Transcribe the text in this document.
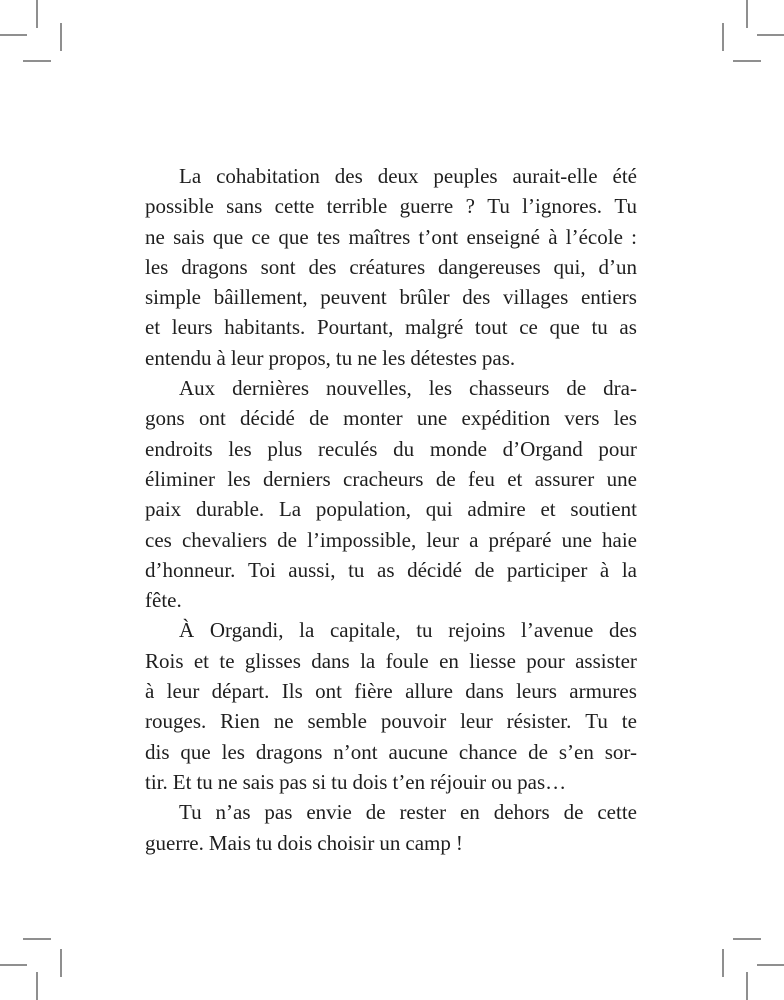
La cohabitation des deux peuples aurait-elle été
possible sans cette terrible guerre ? Tu l’ignores. Tu
ne sais que ce que tes maîtres t’ont enseigné à l’école :
les dragons sont des créatures dangereuses qui, d’un
simple bâillement, peuvent brûler des villages entiers
et leurs habitants. Pourtant, malgré tout ce que tu as
entendu à leur propos, tu ne les détestes pas.
Aux dernières nouvelles, les chasseurs de dra-
gons ont décidé de monter une expédition vers les
endroits les plus reculés du monde d’Organd pour
éliminer les derniers cracheurs de feu et assurer une
paix durable. La population, qui admire et soutient
ces chevaliers de l’impossible, leur a préparé une haie
d’honneur. Toi aussi, tu as décidé de participer à la
fête.
À Organdi, la capitale, tu rejoins l’avenue des
Rois et te glisses dans la foule en liesse pour assister
à leur départ. Ils ont fière allure dans leurs armures
rouges. Rien ne semble pouvoir leur résister. Tu te
dis que les dragons n’ont aucune chance de s’en sor-
tir. Et tu ne sais pas si tu dois t’en réjouir ou pas…
Tu n’as pas envie de rester en dehors de cette
guerre. Mais tu dois choisir un camp !
